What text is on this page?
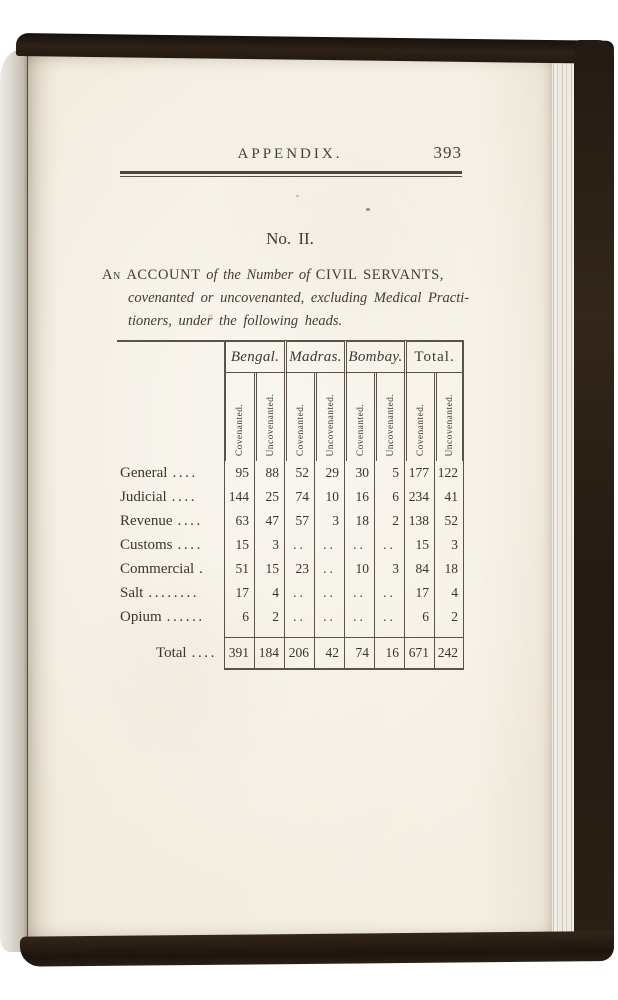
APPENDIX.	393
No. II.
An ACCOUNT of the Number of CIVIL SERVANTS,
covenanted or uncovenanted, excluding Medical Practi-
tioners, under the following heads.
	Bengal.		Madras.		Bombay.		Total.	

	Covenanted.	Uncovenanted.	Covenanted.	Uncovenanted.	Covenanted.	Uncovenanted.	Covenanted.	Uncovenanted.

General ....	95	88	52	29	30	5	177	122
Judicial ....	144	25	74	10	16	6	234	41
Revenue ....	63	47	57	3	18	2	138	52
Customs ....	15	3	..	..	..	..	15	3
Commercial .	51	15	23	..	10	3	84	18
Salt ........	17	4	..	..	..	..	17	4
Opium ......	6	2	..	..	..	..	6	2
Total ....	391	184	206	42	74	16	671	242
